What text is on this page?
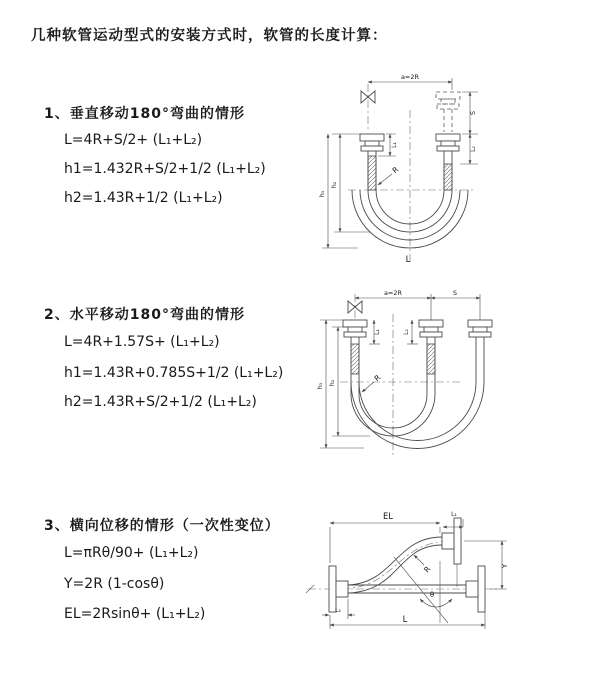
几种软管运动型式的安装方式时，软管的长度计算：
1、垂直移动180°弯曲的情形
L=4R+S/2+ (L₁+L₂)
h1=1.432R+S/2+1/2 (L₁+L₂)
h2=1.43R+1/2 (L₁+L₂)
2、水平移动180°弯曲的情形
L=4R+1.57S+ (L₁+L₂)
h1=1.43R+0.785S+1/2 (L₁+L₂)
h2=1.43R+S/2+1/2 (L₁+L₂)
3、横向位移的情形（一次性变位）
L=πRθ/90+ (L₁+L₂)
Y=2R (1-cosθ)
EL=2Rsinθ+ (L₁+L₂)
a=2R
S
L₂
L₁
h₁
h₂
R
L
a=2R	S
L₁	L₂
h₁ h₂	R
EL	L₁
Y
θ
R
L
L₂
